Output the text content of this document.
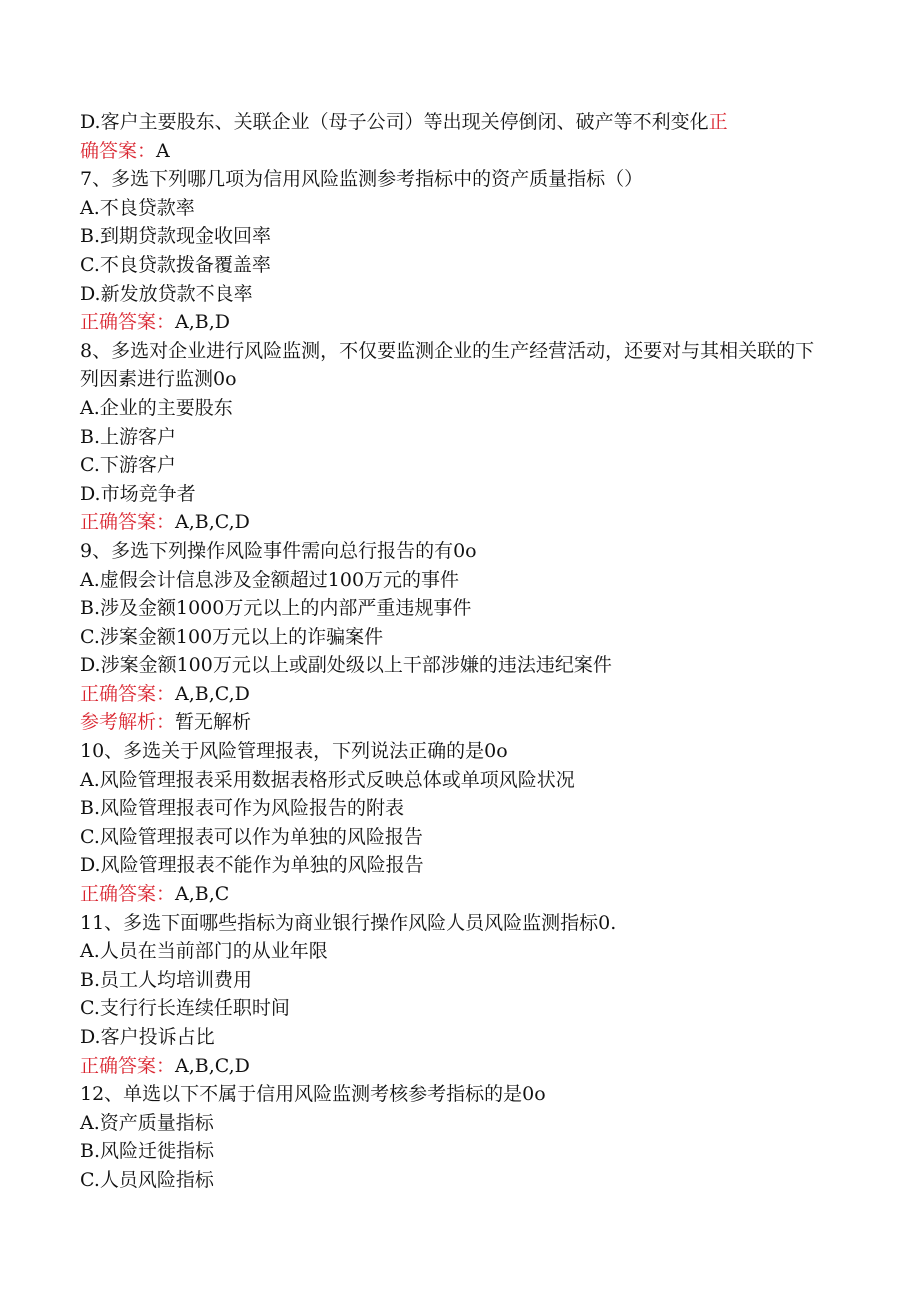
D.客户主要股东、关联企业（母子公司）等出现关停倒闭、破产等不利变化正
确答案：A
7、多选下列哪几项为信用风险监测参考指标中的资产质量指标（）
A.不良贷款率
B.到期贷款现金收回率
C.不良贷款拨备覆盖率
D.新发放贷款不良率
正确答案：A,B,D
8、多选对企业进行风险监测，不仅要监测企业的生产经营活动，还要对与其相关联的下列因素进行监测0o
A.企业的主要股东
B.上游客户
C.下游客户
D.市场竞争者
正确答案：A,B,C,D
9、多选下列操作风险事件需向总行报告的有0o
A.虚假会计信息涉及金额超过100万元的事件
B.涉及金额1000万元以上的内部严重违规事件
C.涉案金额100万元以上的诈骗案件
D.涉案金额100万元以上或副处级以上干部涉嫌的违法违纪案件
正确答案：A,B,C,D
参考解析：暂无解析
10、多选关于风险管理报表，下列说法正确的是0o
A.风险管理报表采用数据表格形式反映总体或单项风险状况
B.风险管理报表可作为风险报告的附表
C.风险管理报表可以作为单独的风险报告
D.风险管理报表不能作为单独的风险报告
正确答案：A,B,C
11、多选下面哪些指标为商业银行操作风险人员风险监测指标0.
A.人员在当前部门的从业年限
B.员工人均培训费用
C.支行行长连续任职时间
D.客户投诉占比
正确答案：A,B,C,D
12、单选以下不属于信用风险监测考核参考指标的是0o
A.资产质量指标
B.风险迁徙指标
C.人员风险指标
